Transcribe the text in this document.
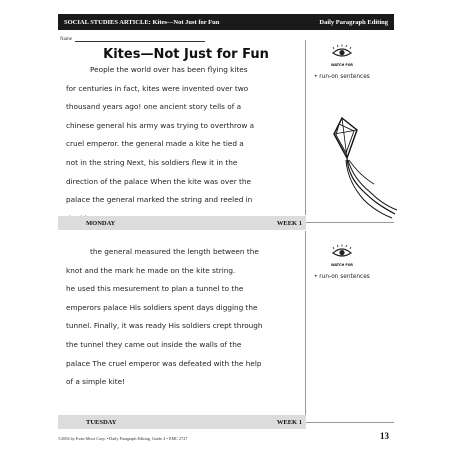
SOCIAL STUDIES ARTICLE: Kites—Not Just for Fun	Daily Paragraph Editing
Name
Kites—Not Just for Fun
People the world over has been flying kites
for centuries in fact, kites were invented over two
thousand years ago! one ancient story tells of a
chinese general his army was trying to overthrow a
cruel emperor. the general made a kite he tied a
not in the string Next, his soldiers flew it in the
direction of the palace When the kite was over the
palace the general marked the string and reeled in
WATCH FOR
• run-on sentences
MONDAY	WEEK 1
the general measured the length between the
knot and the mark he made on the kite string.
he used this mesurement to plan a tunnel to the
emperors palace His soldiers spent days digging the
tunnel. Finally, it was ready His soldiers crept through
the tunnel they came out inside the walls of the
palace The cruel emperor was defeated with the help
of a simple kite!
WATCH FOR
• run-on sentences
TUESDAY	WEEK 1
©2004 by Evan-Moor Corp. • Daily Paragraph Editing, Grade 4 • EMC 2727	13
